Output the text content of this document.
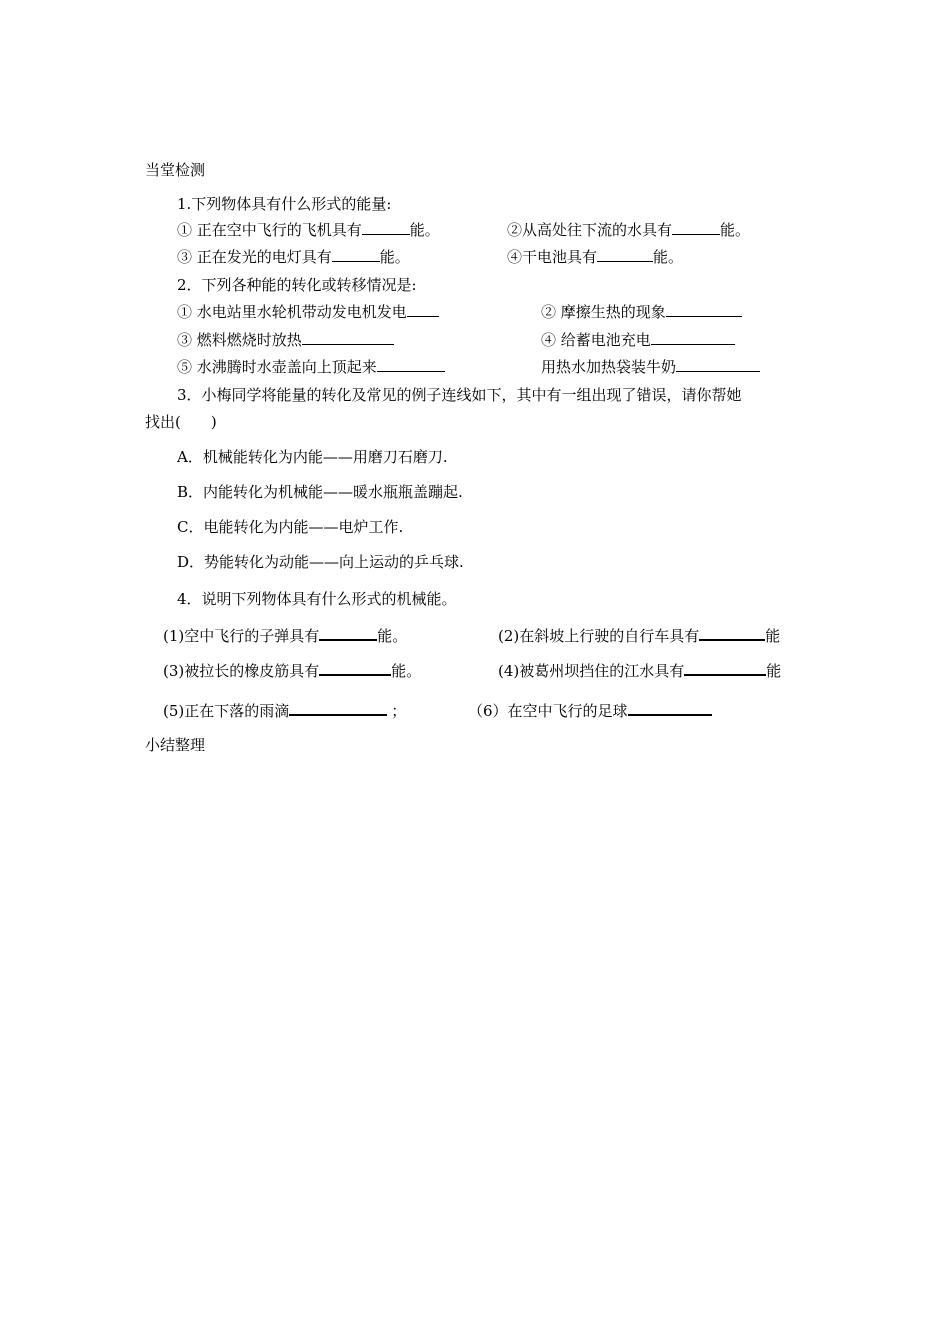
当堂检测
1.下列物体具有什么形式的能量:
① 正在空中飞行的飞机具有	能。	②从高处往下流的水具有	能。
③ 正在发光的电灯具有	能。	④干电池具有	能。
2．下列各种能的转化或转移情况是:
① 水电站里水轮机带动发电机发电	② 摩擦生热的现象
③ 燃料燃烧时放热	④ 给蓄电池充电
⑤ 水沸腾时水壶盖向上顶起来	用热水加热袋装牛奶
3．小梅同学将能量的转化及常见的例子连线如下，其中有一组出现了错误，请你帮她
找出(　　)
A．机械能转化为内能——用磨刀石磨刀.
B．内能转化为机械能——暖水瓶瓶盖蹦起.
C．电能转化为内能——电炉工作.
D．势能转化为动能——向上运动的乒乓球.
4．说明下列物体具有什么形式的机械能。
(1)空中飞行的子弹具有	能。	(2)在斜坡上行驶的自行车具有	能
(3)被拉长的橡皮筋具有	能。	(4)被葛州坝挡住的江水具有	能
(5)正在下落的雨滴	；	（6）在空中飞行的足球
小结整理
